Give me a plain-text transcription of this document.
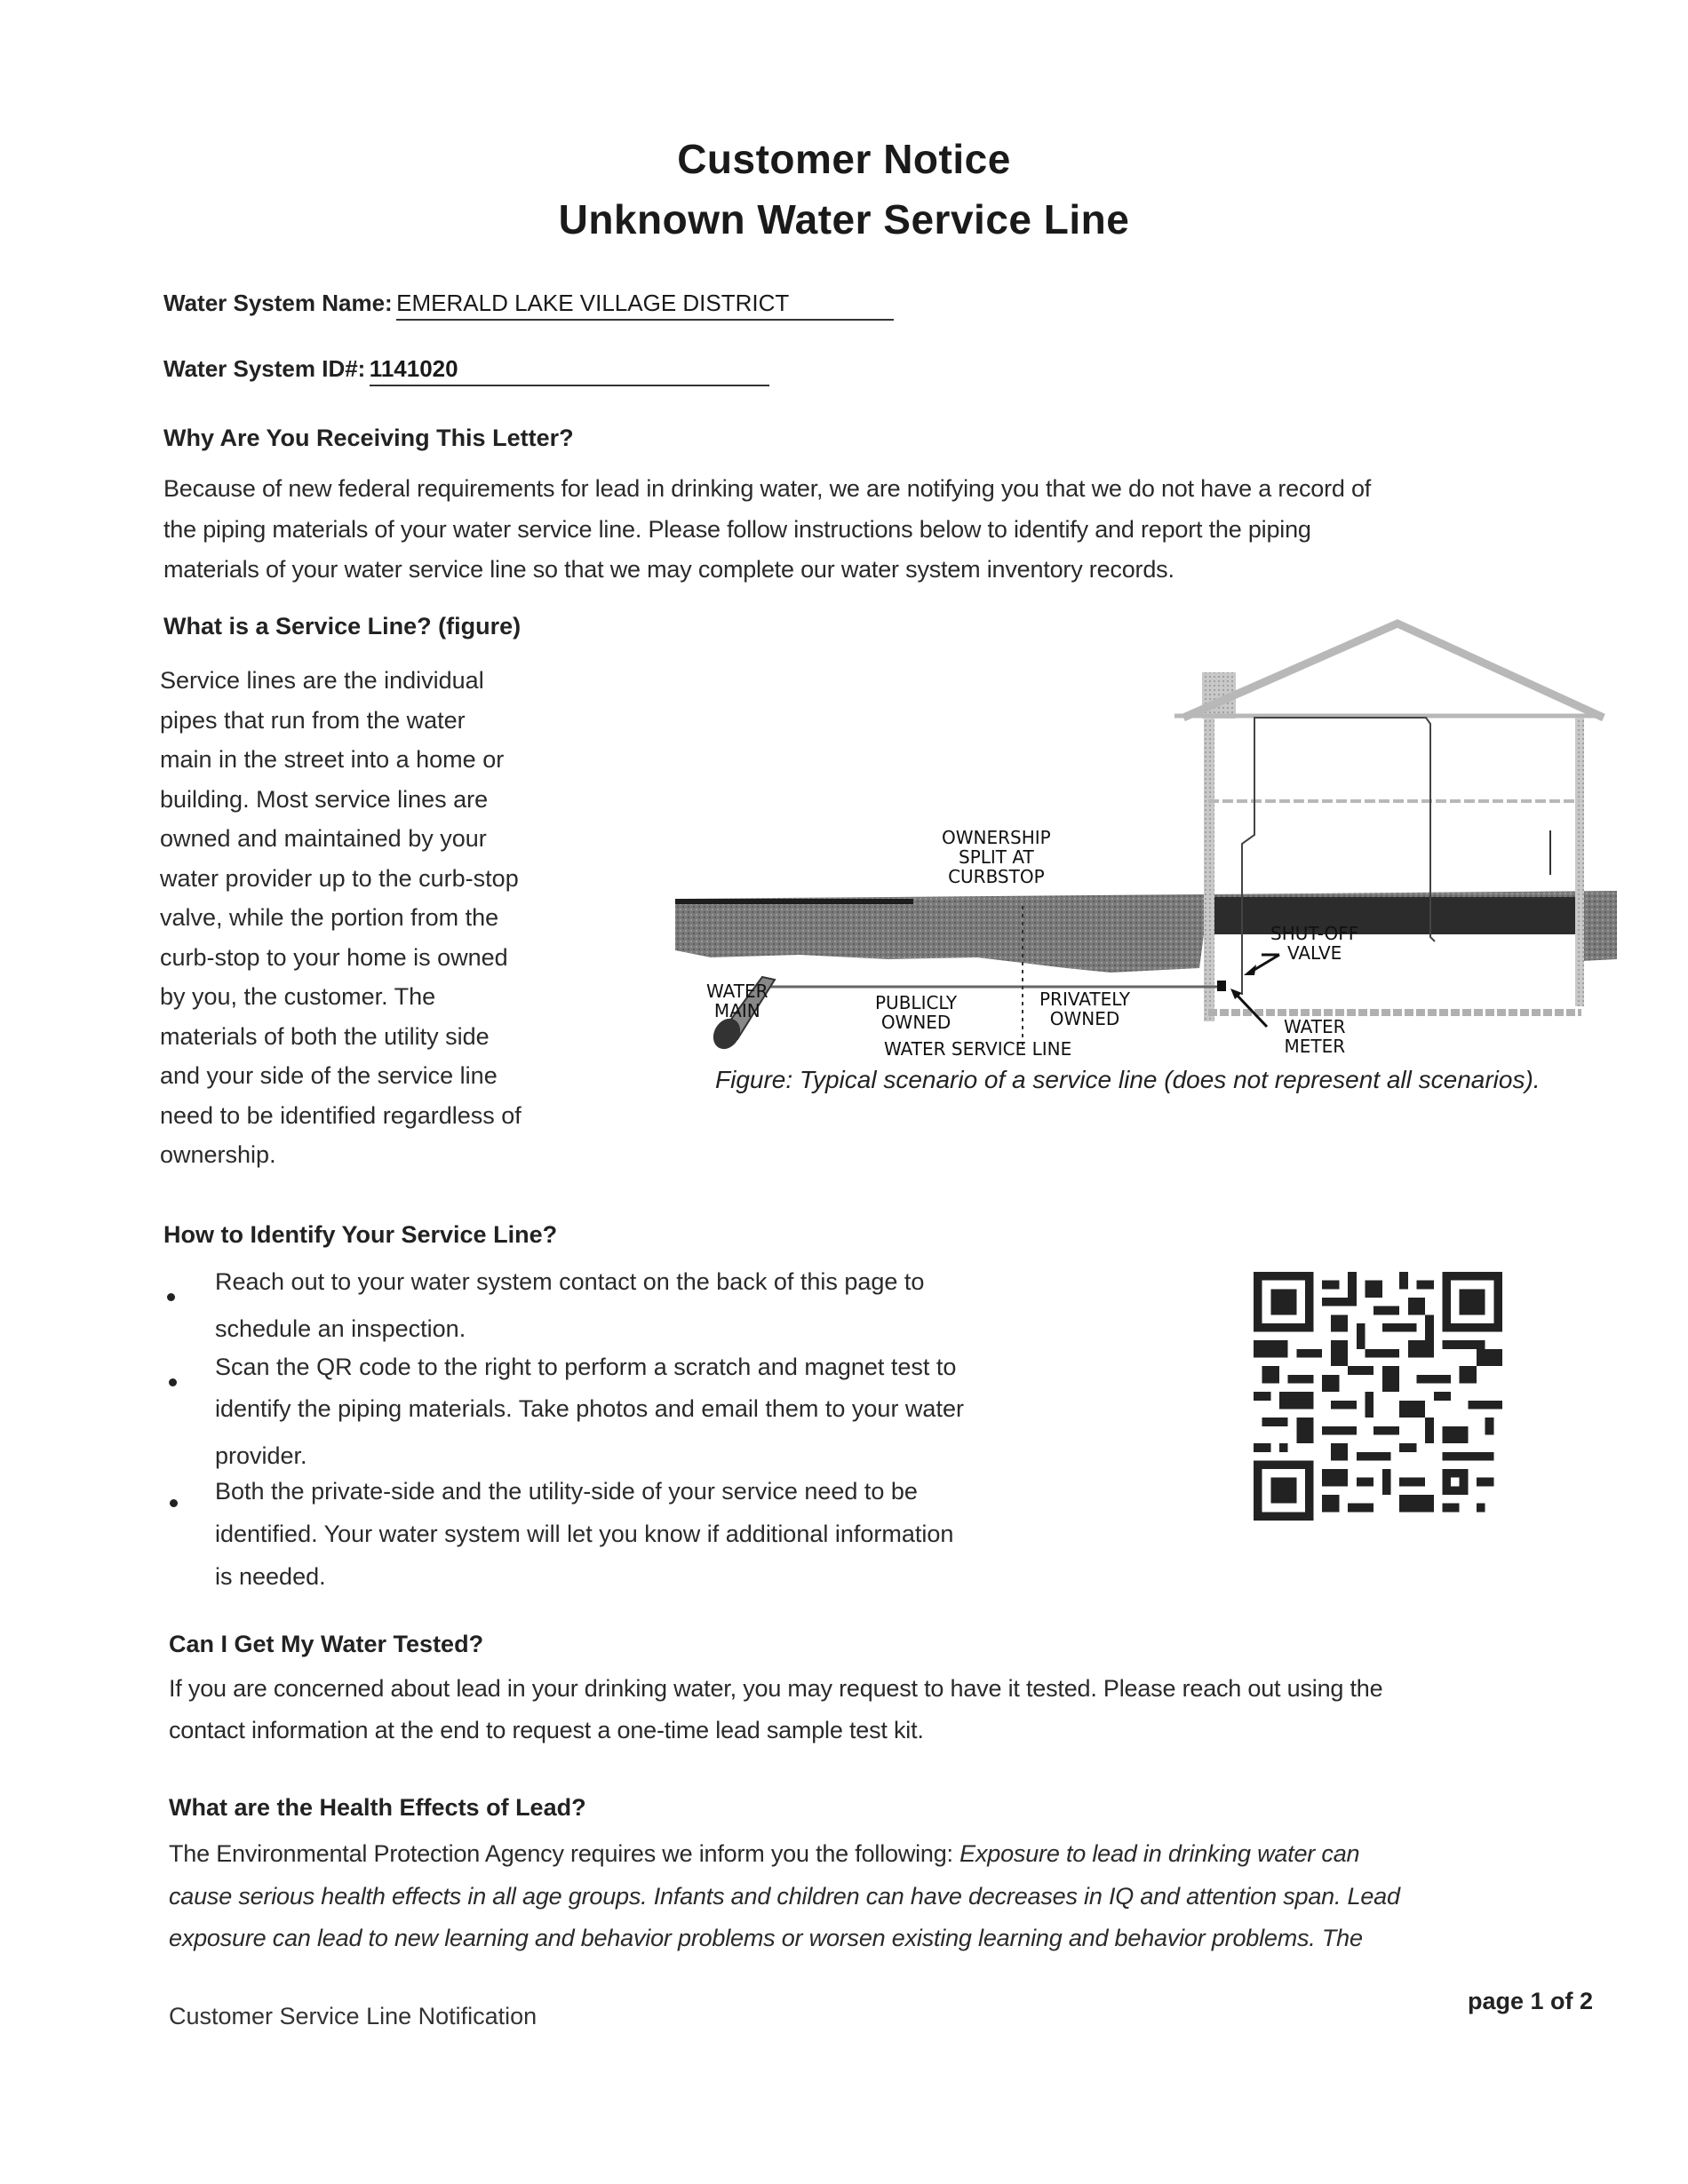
Customer Notice
Unknown Water Service Line
Water System Name: EMERALD LAKE VILLAGE DISTRICT
Water System ID#: 1141020
Why Are You Receiving This Letter?
Because of new federal requirements for lead in drinking water, we are notifying you that we do not have a record of
the piping materials of your water service line. Please follow instructions below to identify and report the piping
materials of your water service line so that we may complete our water system inventory records.
What is a Service Line? (figure)
Service lines are the individual
pipes that run from the water
main in the street into a home or
building. Most service lines are
owned and maintained by your
water provider up to the curb-stop
valve, while the portion from the
curb-stop to your home is owned
by you, the customer. The
materials of both the utility side
and your side of the service line
need to be identified regardless of
ownership.
OWNERSHIP
SPLIT AT
CURBSTOP
WATER
MAIN	PUBLICLY
OWNED
PRIVATELY
OWNED
WATER SERVICE LINE
SHUT-OFF
VALVE
WATER
METER
Figure: Typical scenario of a service line (does not represent all scenarios).
How to Identify Your Service Line?
Reach out to your water system contact on the back of this page to
schedule an inspection.
Scan the QR code to the right to perform a scratch and magnet test to
identify the piping materials. Take photos and email them to your water
provider.
Both the private-side and the utility-side of your service need to be
identified. Your water system will let you know if additional information
is needed.
Can I Get My Water Tested?
If you are concerned about lead in your drinking water, you may request to have it tested. Please reach out using the
contact information at the end to request a one-time lead sample test kit.
What are the Health Effects of Lead?
The Environmental Protection Agency requires we inform you the following: Exposure to lead in drinking water can
cause serious health effects in all age groups. Infants and children can have decreases in IQ and attention span. Lead
exposure can lead to new learning and behavior problems or worsen existing learning and behavior problems. The
Customer Service Line Notification
page 1 of 2
